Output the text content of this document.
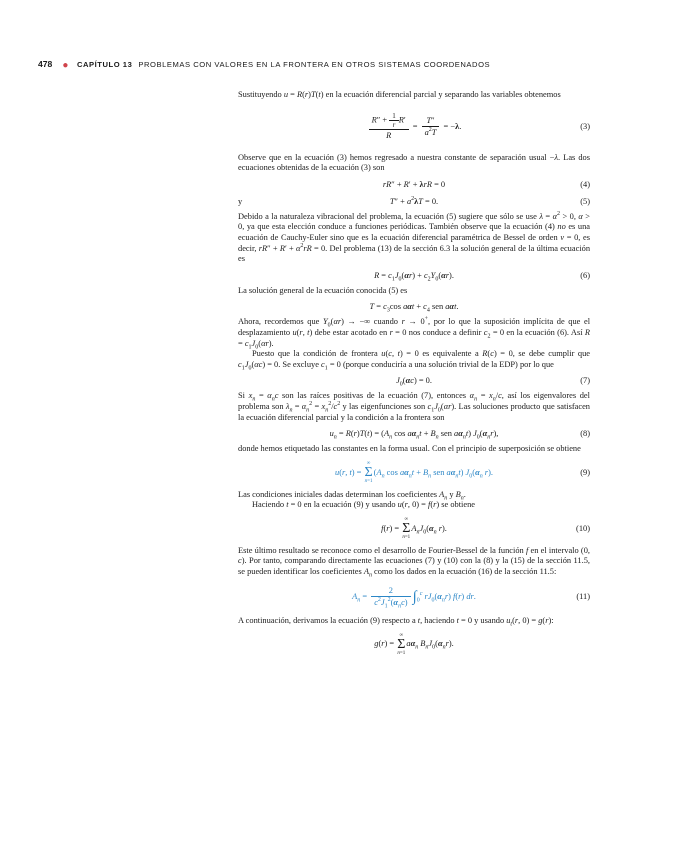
478 ● CAPÍTULO 13 PROBLEMAS CON VALORES EN LA FRONTERA EN OTROS SISTEMAS COORDENADOS

Sustituyendo u = R(r)T(t) en la ecuación diferencial parcial y separando las variables obtenemos

$\frac{R'' + \frac{1}{r} R'}{R} = \frac{T''}{a^2T} = -\lambda$.	(3)

Observe que en la ecuación (3) hemos regresado a nuestra constante de separación usual −λ. Las dos ecuaciones obtenidas de la ecuación (3) son

rR″ + R′ + λrR = 0	(4)
y	$T'' + a^2\lambda T = 0$.	(5)

Debido a la naturaleza vibracional del problema, la ecuación (5) sugiere que sólo se use $\lambda = \alpha^2 > 0$, α > 0, ya que esta elección conduce a funciones periódicas. También observe que la ecuación (4) no es una ecuación de Cauchy-Euler sino que es la ecuación diferencial paramétrica de Bessel de orden ν = 0, es decir, $rR'' + R' + \alpha^2rR = 0$. Del problema (13) de la sección 6.3 la solución general de la última ecuación es

$R = c_1J_0(\alpha r) + c_2Y_0(\alpha r)$.	(6)

La solución general de la ecuación conocida (5) es

$T = c_3\cos$ $a\alpha t + c_4$ sen aαt.

Ahora, recordemos que $Y_0(\alpha r)$ → −∞ cuando r → 0+, por lo que la suposición implícita de que el desplazamiento u(r, t) debe estar acotado en r = 0 nos conduce a definir $c_2 = 0$ en la ecuación (6). Así $R = c_1J_0(\alpha r)$.

Puesto que la condición de frontera u(c, t) = 0 es equivalente a R(c) = 0, se debe cumplir que $c_1J_0(\alpha c) = 0$. Se excluye $c_1 = 0$ (porque conduciría a una solución trivial de la EDP) por lo que

$J_0(\alpha c) = 0$.	(7)

Si $x_n = \alpha_nc$ son las raíces positivas de la ecuación (7), entonces $\alpha_n = x_n/c$, así los eigenvalores del problema son $\lambda_n = \alpha_n^2 = x_n^2/c^2$ y las eigenfunciones son $c_1J_0(\alpha r)$. Las soluciones producto que satisfacen la ecuación diferencial parcial y la condición a la frontera son

$u_n = R(r)T(t) = (A_n$ $\cos a\alpha_nt + B_n$ sen $a\alpha_nt$) $J_0(\alpha_nr)$,	(8)

donde hemos etiquetado las constantes en la forma usual. Con el principio de superposición se obtiene

u(r, t) =
∞
Σ
n=1
($A_n$ $\cos a\alpha_nt + B_n$ sen $a\alpha_nt$) $J_0(\alpha_n$ r).	(9)

Las condiciones iniciales dadas determinan los coeficientes $A_n$ y $B_n$.

Haciendo t = 0 en la ecuación (9) y usando u(r, 0) = f(r) se obtiene

f(r) =
∞
Σ
n=1
$A_nJ_0(\alpha_n$ r).	(10)

Este último resultado se reconoce como el desarrollo de Fourier-Bessel de la función f en el intervalo (0, c). Por tanto, comparando directamente las ecuaciones (7) y (10) con la (8) y la (15) de la sección 11.5, se pueden identificar los coeficientes $A_n$ como los dados en la ecuación (16) de la sección 11.5:

$A_n = \frac{2}{c^2J_1^2(\alpha_nc)} \int_0^c$ $rJ_0(\alpha_nr)$ f(r) dr.	(11)

A continuación, derivamos la ecuación (9) respecto a t, haciendo t = 0 y usando $u_t(r$, 0) = g(r):

g(r) =
∞
Σ
n=1
$a\alpha_n$ $B_nJ_0(\alpha_nr)$.
